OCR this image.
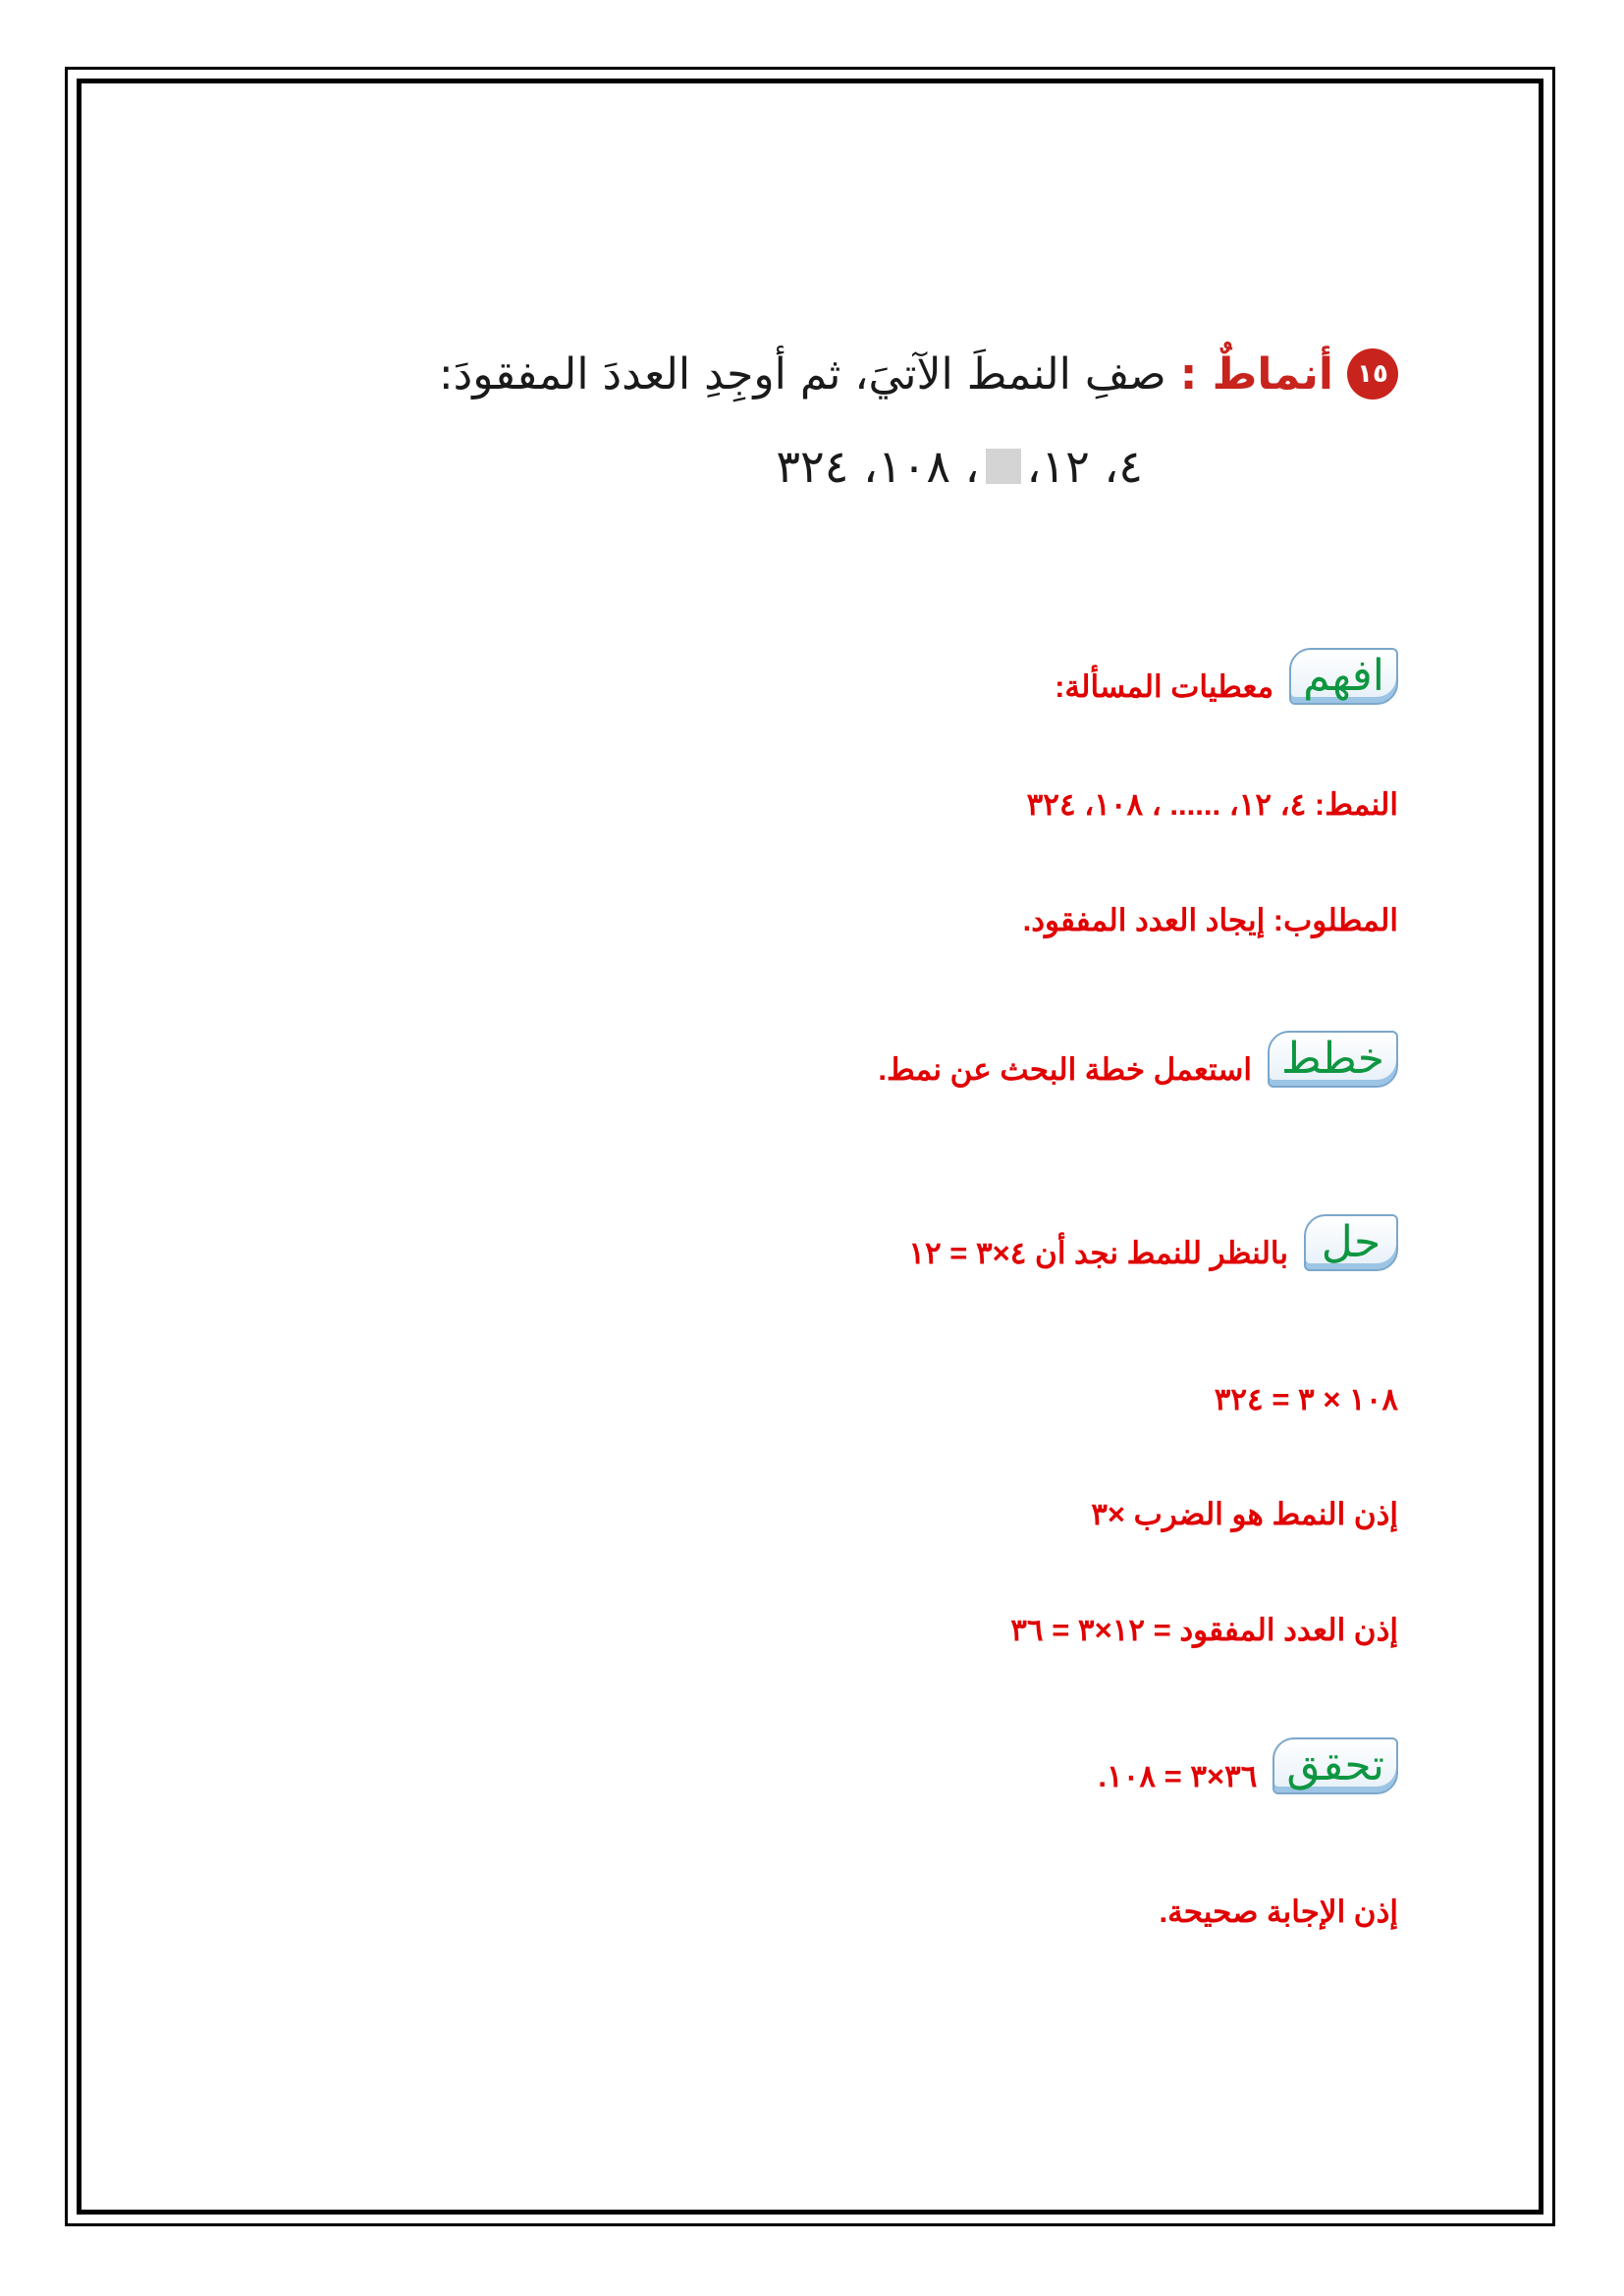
١٥
أنماطٌ :
صفِ النمطَ الآتيَ، ثم أوجِدِ العددَ المفقودَ:
٤، ١٢،
، ١٠٨، ٣٢٤
افهم
معطيات المسألة:
النمط: ٤، ١٢، ...... ، ١٠٨، ٣٢٤
المطلوب: إيجاد العدد المفقود.
خطط
استعمل خطة البحث عن نمط.
حل
بالنظر للنمط نجد أن ٤×٣ = ١٢
١٠٨ × ٣ = ٣٢٤
إذن النمط هو الضرب ×٣
إذن العدد المفقود = ١٢×٣ = ٣٦
تحقق
٣٦×٣ = ١٠٨.
إذن الإجابة صحيحة.
